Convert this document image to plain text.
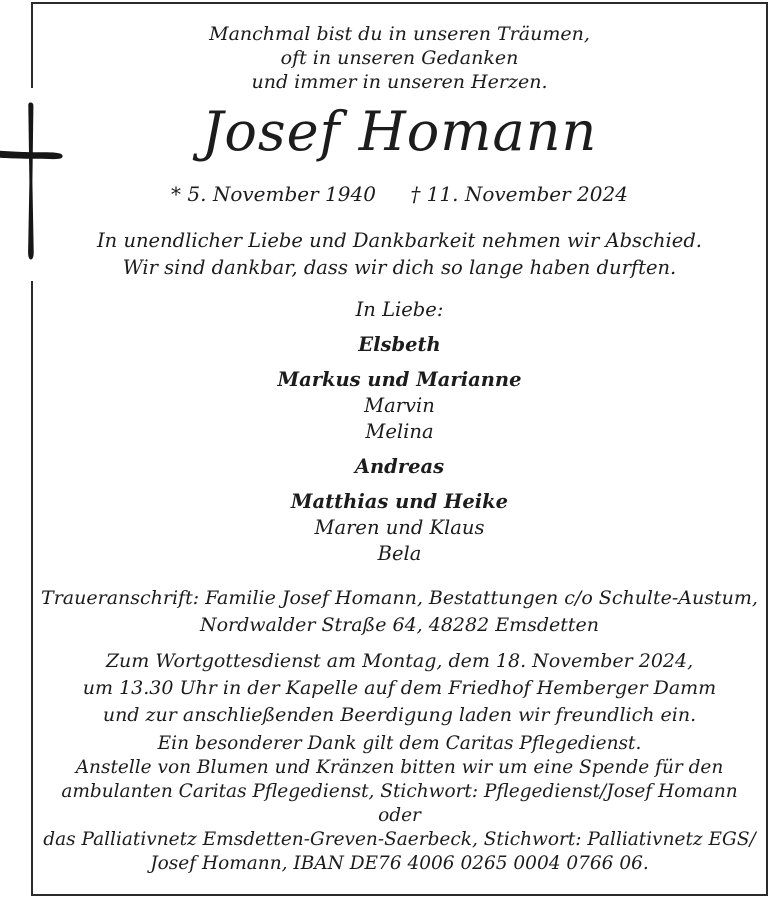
Manchmal bist du in unseren Träumen,
oft in unseren Gedanken
und immer in unseren Herzen.
Josef Homann
* 5. November 1940 † 11. November 2024
In unendlicher Liebe und Dankbarkeit nehmen wir Abschied.
Wir sind dankbar, dass wir dich so lange haben durften.
In Liebe:
Elsbeth
Markus und Marianne
Marvin
Melina
Andreas
Matthias und Heike
Maren und Klaus
Bela
Traueranschrift: Familie Josef Homann, Bestattungen c/o Schulte-Austum,
Nordwalder Straße 64, 48282 Emsdetten
Zum Wortgottesdienst am Montag, dem 18. November 2024,
um 13.30 Uhr in der Kapelle auf dem Friedhof Hemberger Damm
und zur anschließenden Beerdigung laden wir freundlich ein.
Ein besonderer Dank gilt dem Caritas Pflegedienst.
Anstelle von Blumen und Kränzen bitten wir um eine Spende für den
ambulanten Caritas Pflegedienst, Stichwort: Pflegedienst/Josef Homann
oder
das Palliativnetz Emsdetten-Greven-Saerbeck, Stichwort: Palliativnetz EGS/
Josef Homann, IBAN DE76 4006 0265 0004 0766 06.
